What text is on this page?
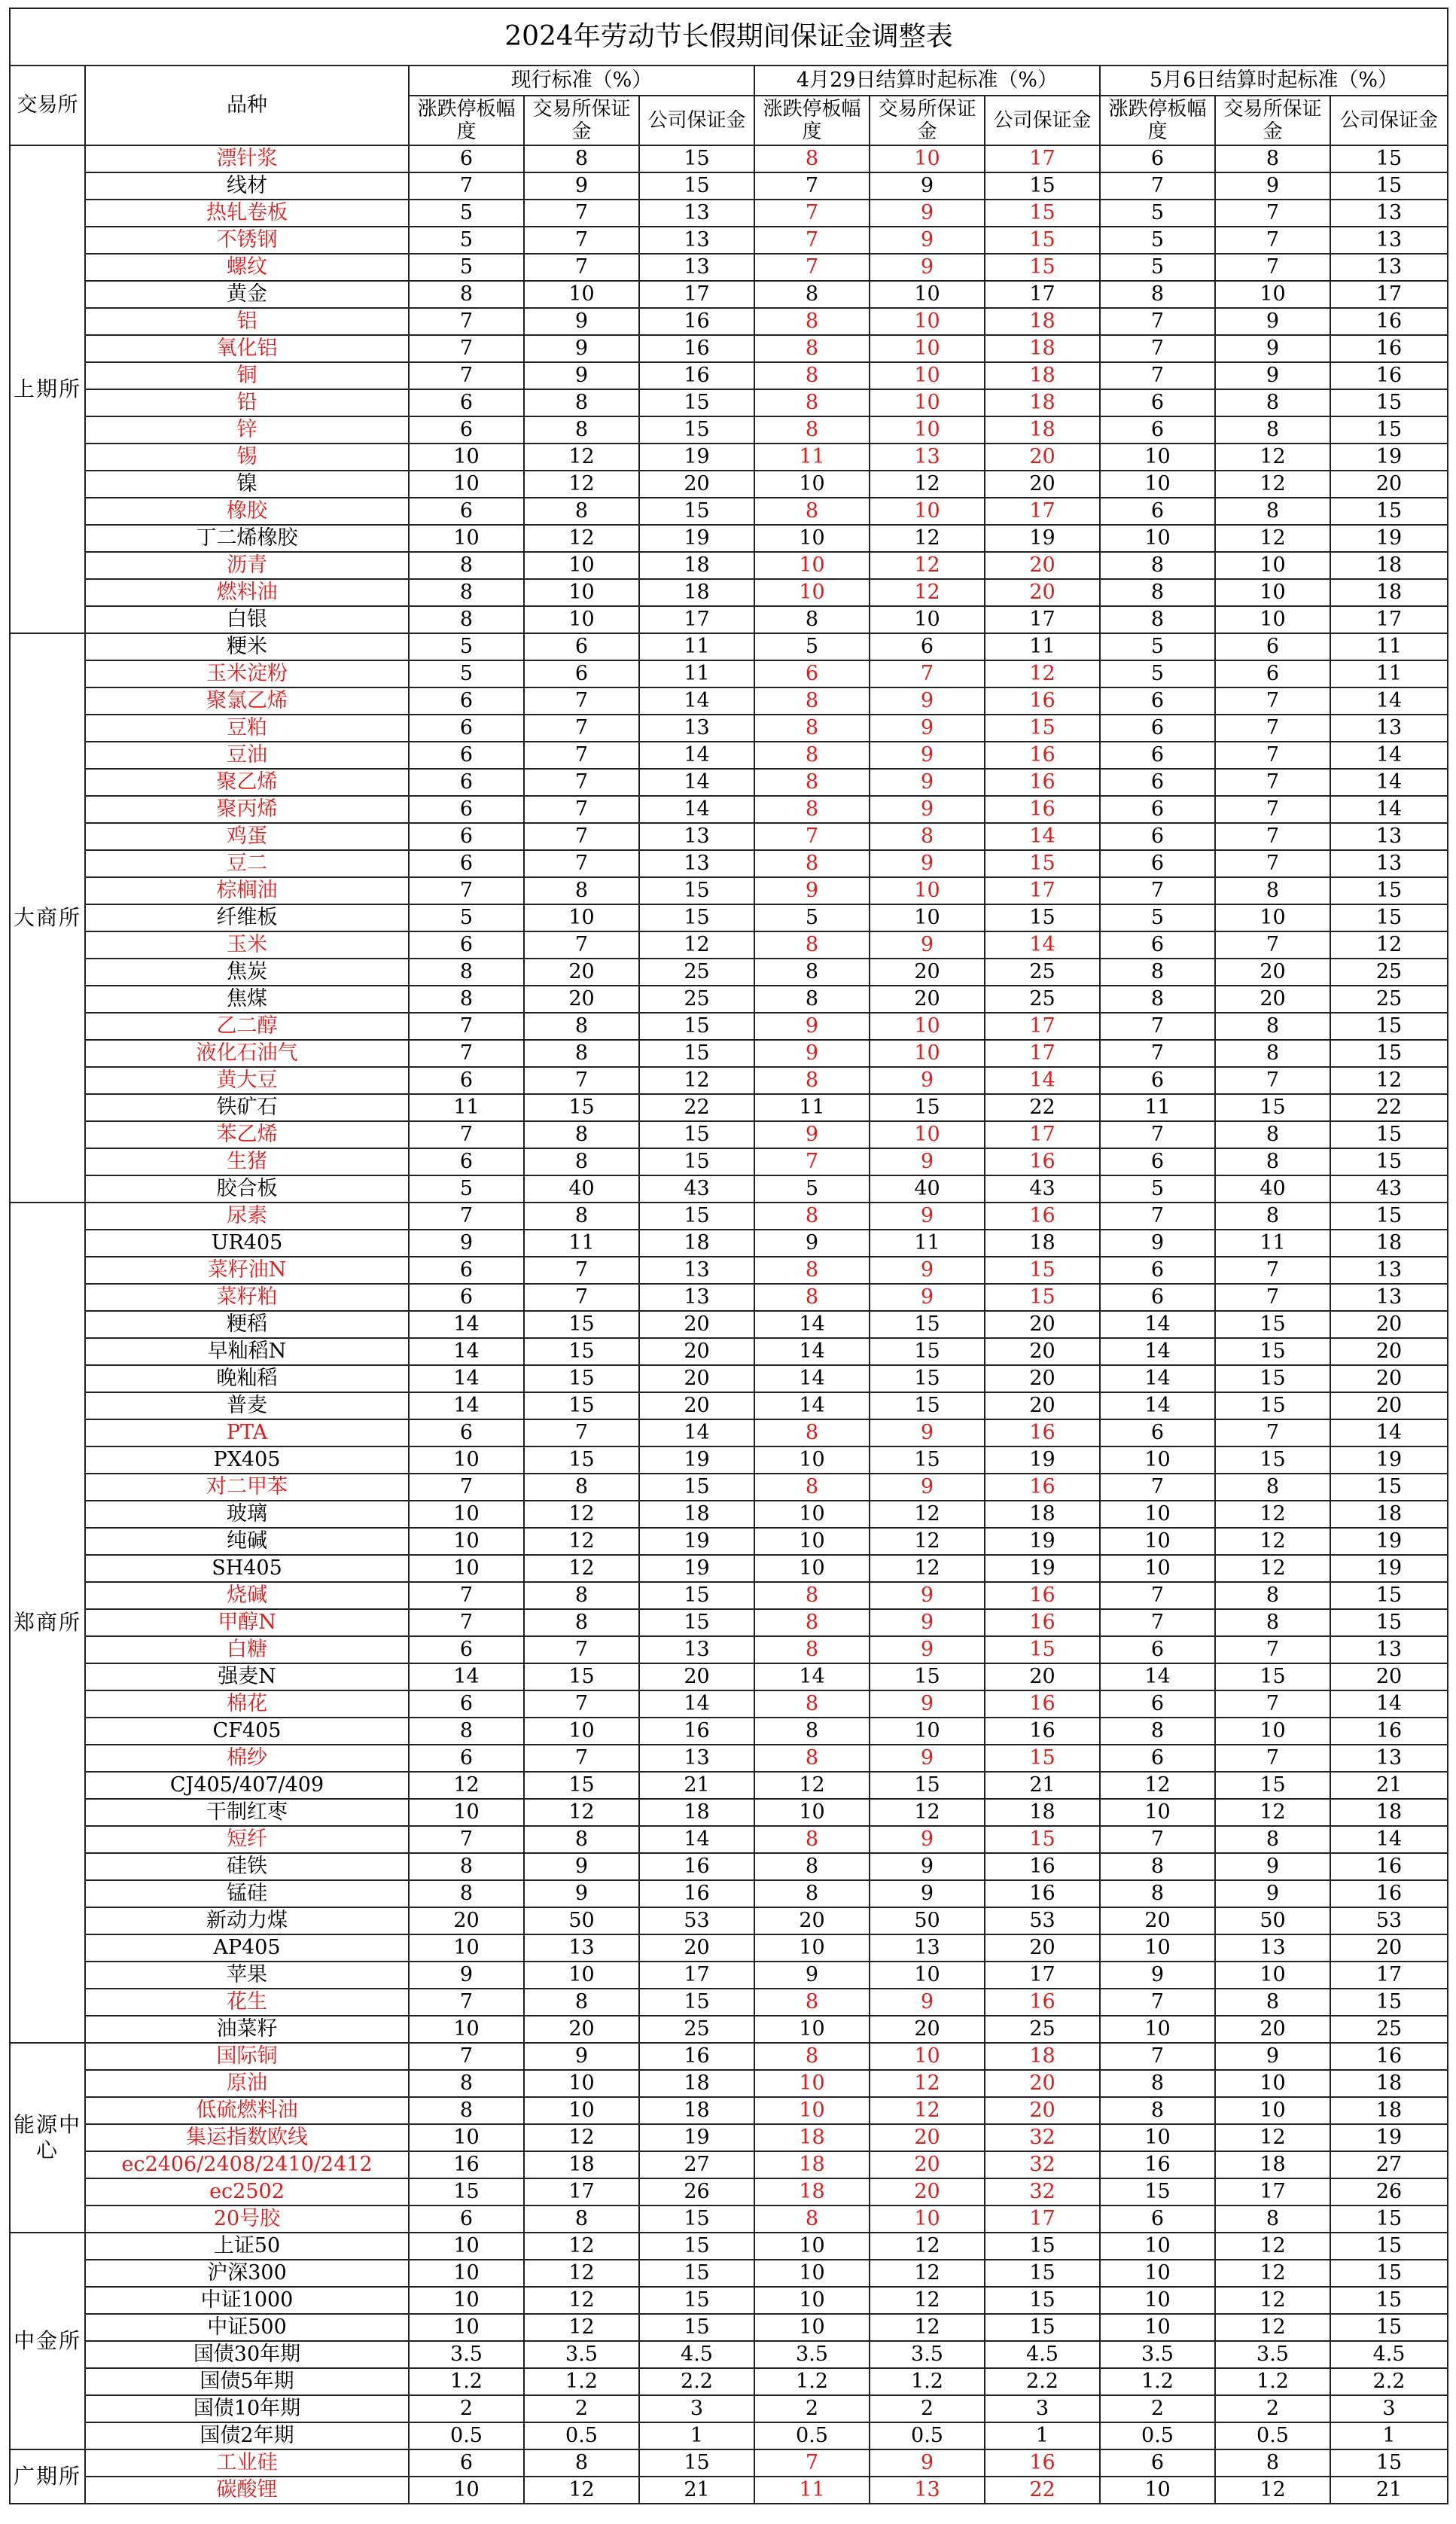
2024年劳动节长假期间保证金调整表										
交易所	品种	现行标准（%）			4月29日结算时起标准（%）			5月6日结算时起标准（%）		
		涨跌停板幅度	交易所保证金	公司保证金	涨跌停板幅度	交易所保证金	公司保证金	涨跌停板幅度	交易所保证金	公司保证金
上期所	漂针浆	6	8	15	8	10	17	6	8	15
	线材	7	9	15	7	9	15	7	9	15
	热轧卷板	5	7	13	7	9	15	5	7	13
	不锈钢	5	7	13	7	9	15	5	7	13
	螺纹	5	7	13	7	9	15	5	7	13
	黄金	8	10	17	8	10	17	8	10	17
	铝	7	9	16	8	10	18	7	9	16
	氧化铝	7	9	16	8	10	18	7	9	16
	铜	7	9	16	8	10	18	7	9	16
	铅	6	8	15	8	10	18	6	8	15
	锌	6	8	15	8	10	18	6	8	15
	锡	10	12	19	11	13	20	10	12	19
	镍	10	12	20	10	12	20	10	12	20
	橡胶	6	8	15	8	10	17	6	8	15
	丁二烯橡胶	10	12	19	10	12	19	10	12	19
	沥青	8	10	18	10	12	20	8	10	18
	燃料油	8	10	18	10	12	20	8	10	18
	白银	8	10	17	8	10	17	8	10	17
大商所	粳米	5	6	11	5	6	11	5	6	11
	玉米淀粉	5	6	11	6	7	12	5	6	11
	聚氯乙烯	6	7	14	8	9	16	6	7	14
	豆粕	6	7	13	8	9	15	6	7	13
	豆油	6	7	14	8	9	16	6	7	14
	聚乙烯	6	7	14	8	9	16	6	7	14
	聚丙烯	6	7	14	8	9	16	6	7	14
	鸡蛋	6	7	13	7	8	14	6	7	13
	豆二	6	7	13	8	9	15	6	7	13
	棕榈油	7	8	15	9	10	17	7	8	15
	纤维板	5	10	15	5	10	15	5	10	15
	玉米	6	7	12	8	9	14	6	7	12
	焦炭	8	20	25	8	20	25	8	20	25
	焦煤	8	20	25	8	20	25	8	20	25
	乙二醇	7	8	15	9	10	17	7	8	15
	液化石油气	7	8	15	9	10	17	7	8	15
	黄大豆	6	7	12	8	9	14	6	7	12
	铁矿石	11	15	22	11	15	22	11	15	22
	苯乙烯	7	8	15	9	10	17	7	8	15
	生猪	6	8	15	7	9	16	6	8	15
	胶合板	5	40	43	5	40	43	5	40	43
郑商所	尿素	7	8	15	8	9	16	7	8	15
	UR405	9	11	18	9	11	18	9	11	18
	菜籽油N	6	7	13	8	9	15	6	7	13
	菜籽粕	6	7	13	8	9	15	6	7	13
	粳稻	14	15	20	14	15	20	14	15	20
	早籼稻N	14	15	20	14	15	20	14	15	20
	晚籼稻	14	15	20	14	15	20	14	15	20
	普麦	14	15	20	14	15	20	14	15	20
	PTA	6	7	14	8	9	16	6	7	14
	PX405	10	15	19	10	15	19	10	15	19
	对二甲苯	7	8	15	8	9	16	7	8	15
	玻璃	10	12	18	10	12	18	10	12	18
	纯碱	10	12	19	10	12	19	10	12	19
	SH405	10	12	19	10	12	19	10	12	19
	烧碱	7	8	15	8	9	16	7	8	15
	甲醇N	7	8	15	8	9	16	7	8	15
	白糖	6	7	13	8	9	15	6	7	13
	强麦N	14	15	20	14	15	20	14	15	20
	棉花	6	7	14	8	9	16	6	7	14
	CF405	8	10	16	8	10	16	8	10	16
	棉纱	6	7	13	8	9	15	6	7	13
	CJ405/407/409	12	15	21	12	15	21	12	15	21
	干制红枣	10	12	18	10	12	18	10	12	18
	短纤	7	8	14	8	9	15	7	8	14
	硅铁	8	9	16	8	9	16	8	9	16
	锰硅	8	9	16	8	9	16	8	9	16
	新动力煤	20	50	53	20	50	53	20	50	53
	AP405	10	13	20	10	13	20	10	13	20
	苹果	9	10	17	9	10	17	9	10	17
	花生	7	8	15	8	9	16	7	8	15
	油菜籽	10	20	25	10	20	25	10	20	25
能源中心	国际铜	7	9	16	8	10	18	7	9	16
	原油	8	10	18	10	12	20	8	10	18
	低硫燃料油	8	10	18	10	12	20	8	10	18
	集运指数欧线	10	12	19	18	20	32	10	12	19
	ec2406/2408/2410/2412	16	18	27	18	20	32	16	18	27
	ec2502	15	17	26	18	20	32	15	17	26
	20号胶	6	8	15	8	10	17	6	8	15
中金所	上证50	10	12	15	10	12	15	10	12	15
	沪深300	10	12	15	10	12	15	10	12	15
	中证1000	10	12	15	10	12	15	10	12	15
	中证500	10	12	15	10	12	15	10	12	15
	国债30年期	3.5	3.5	4.5	3.5	3.5	4.5	3.5	3.5	4.5
	国债5年期	1.2	1.2	2.2	1.2	1.2	2.2	1.2	1.2	2.2
	国债10年期	2	2	3	2	2	3	2	2	3
	国债2年期	0.5	0.5	1	0.5	0.5	1	0.5	0.5	1
广期所	工业硅	6	8	15	7	9	16	6	8	15
	碳酸锂	10	12	21	11	13	22	10	12	21
